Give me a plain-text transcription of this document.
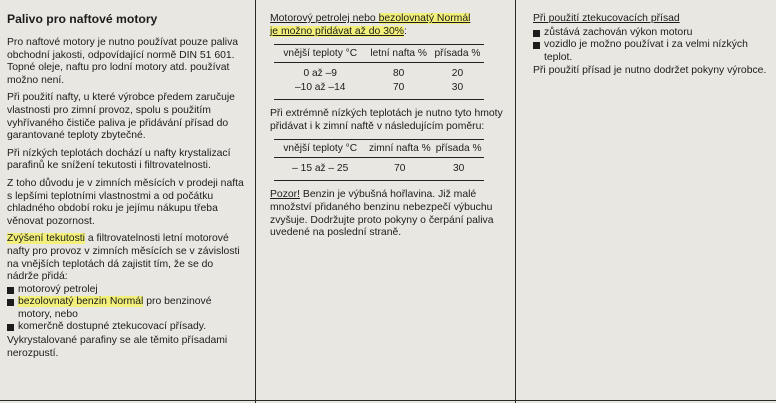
Palivo pro naftové motory

Pro naftové motory je nutno používat pouze paliva obchodní jakosti, odpovídající normě DIN 51 601. Topné oleje, naftu pro lodní motory atd. používat možno není.

Při použití nafty, u které výrobce předem zaručuje vlastnosti pro zimní provoz, spolu s použitím vyhřívaného čističe paliva je přidávání přísad do garantované teploty zbytečné.

Při nízkých teplotách dochází u nafty krystalizací parafinů ke snížení tekutosti i filtrovatelnosti.

Z toho důvodu je v zimních měsících v prodeji nafta s lepšími teplotními vlastnostmi a od počátku chladného období roku je jejímu nákupu třeba věnovat pozornost.

Zvýšení tekutosti a filtrovatelnosti letní motorové nafty pro provoz v zimních měsících se v závislosti na vnějších teplotách dá zajistit tím, že se do nádrže přidá:

motorový petrolej
bezolovnatý benzin Normál pro benzinové motory, nebo
komerčně dostupné ztekucovací přísady.

Vykrystalované parafiny se ale těmito přísadami nerozpustí.

Motorový petrolej nebo bezolovnatý Normál
je možno přidávat až do 30%:

vnější teploty °C	letní nafta %	přísada %
0 až –9	80	20
–10 až –14	70	30

Při extrémně nízkých teplotách je nutno tyto hmoty přidávat i k zimní naftě v následujícím poměru:

vnější teploty °C	zimní nafta %	přísada %
– 15 až – 25	70	30

Pozor! Benzin je výbušná hořlavina. Již malé množství přidaného benzinu nebezpečí výbuchu zvyšuje. Dodržujte proto pokyny o čerpání paliva uvedené na poslední straně.

Při použití ztekucovacích přísad

zůstává zachován výkon motoru
vozidlo je možno používat i za velmi nízkých teplot.

Při použití přísad je nutno dodržet pokyny výrobce.
